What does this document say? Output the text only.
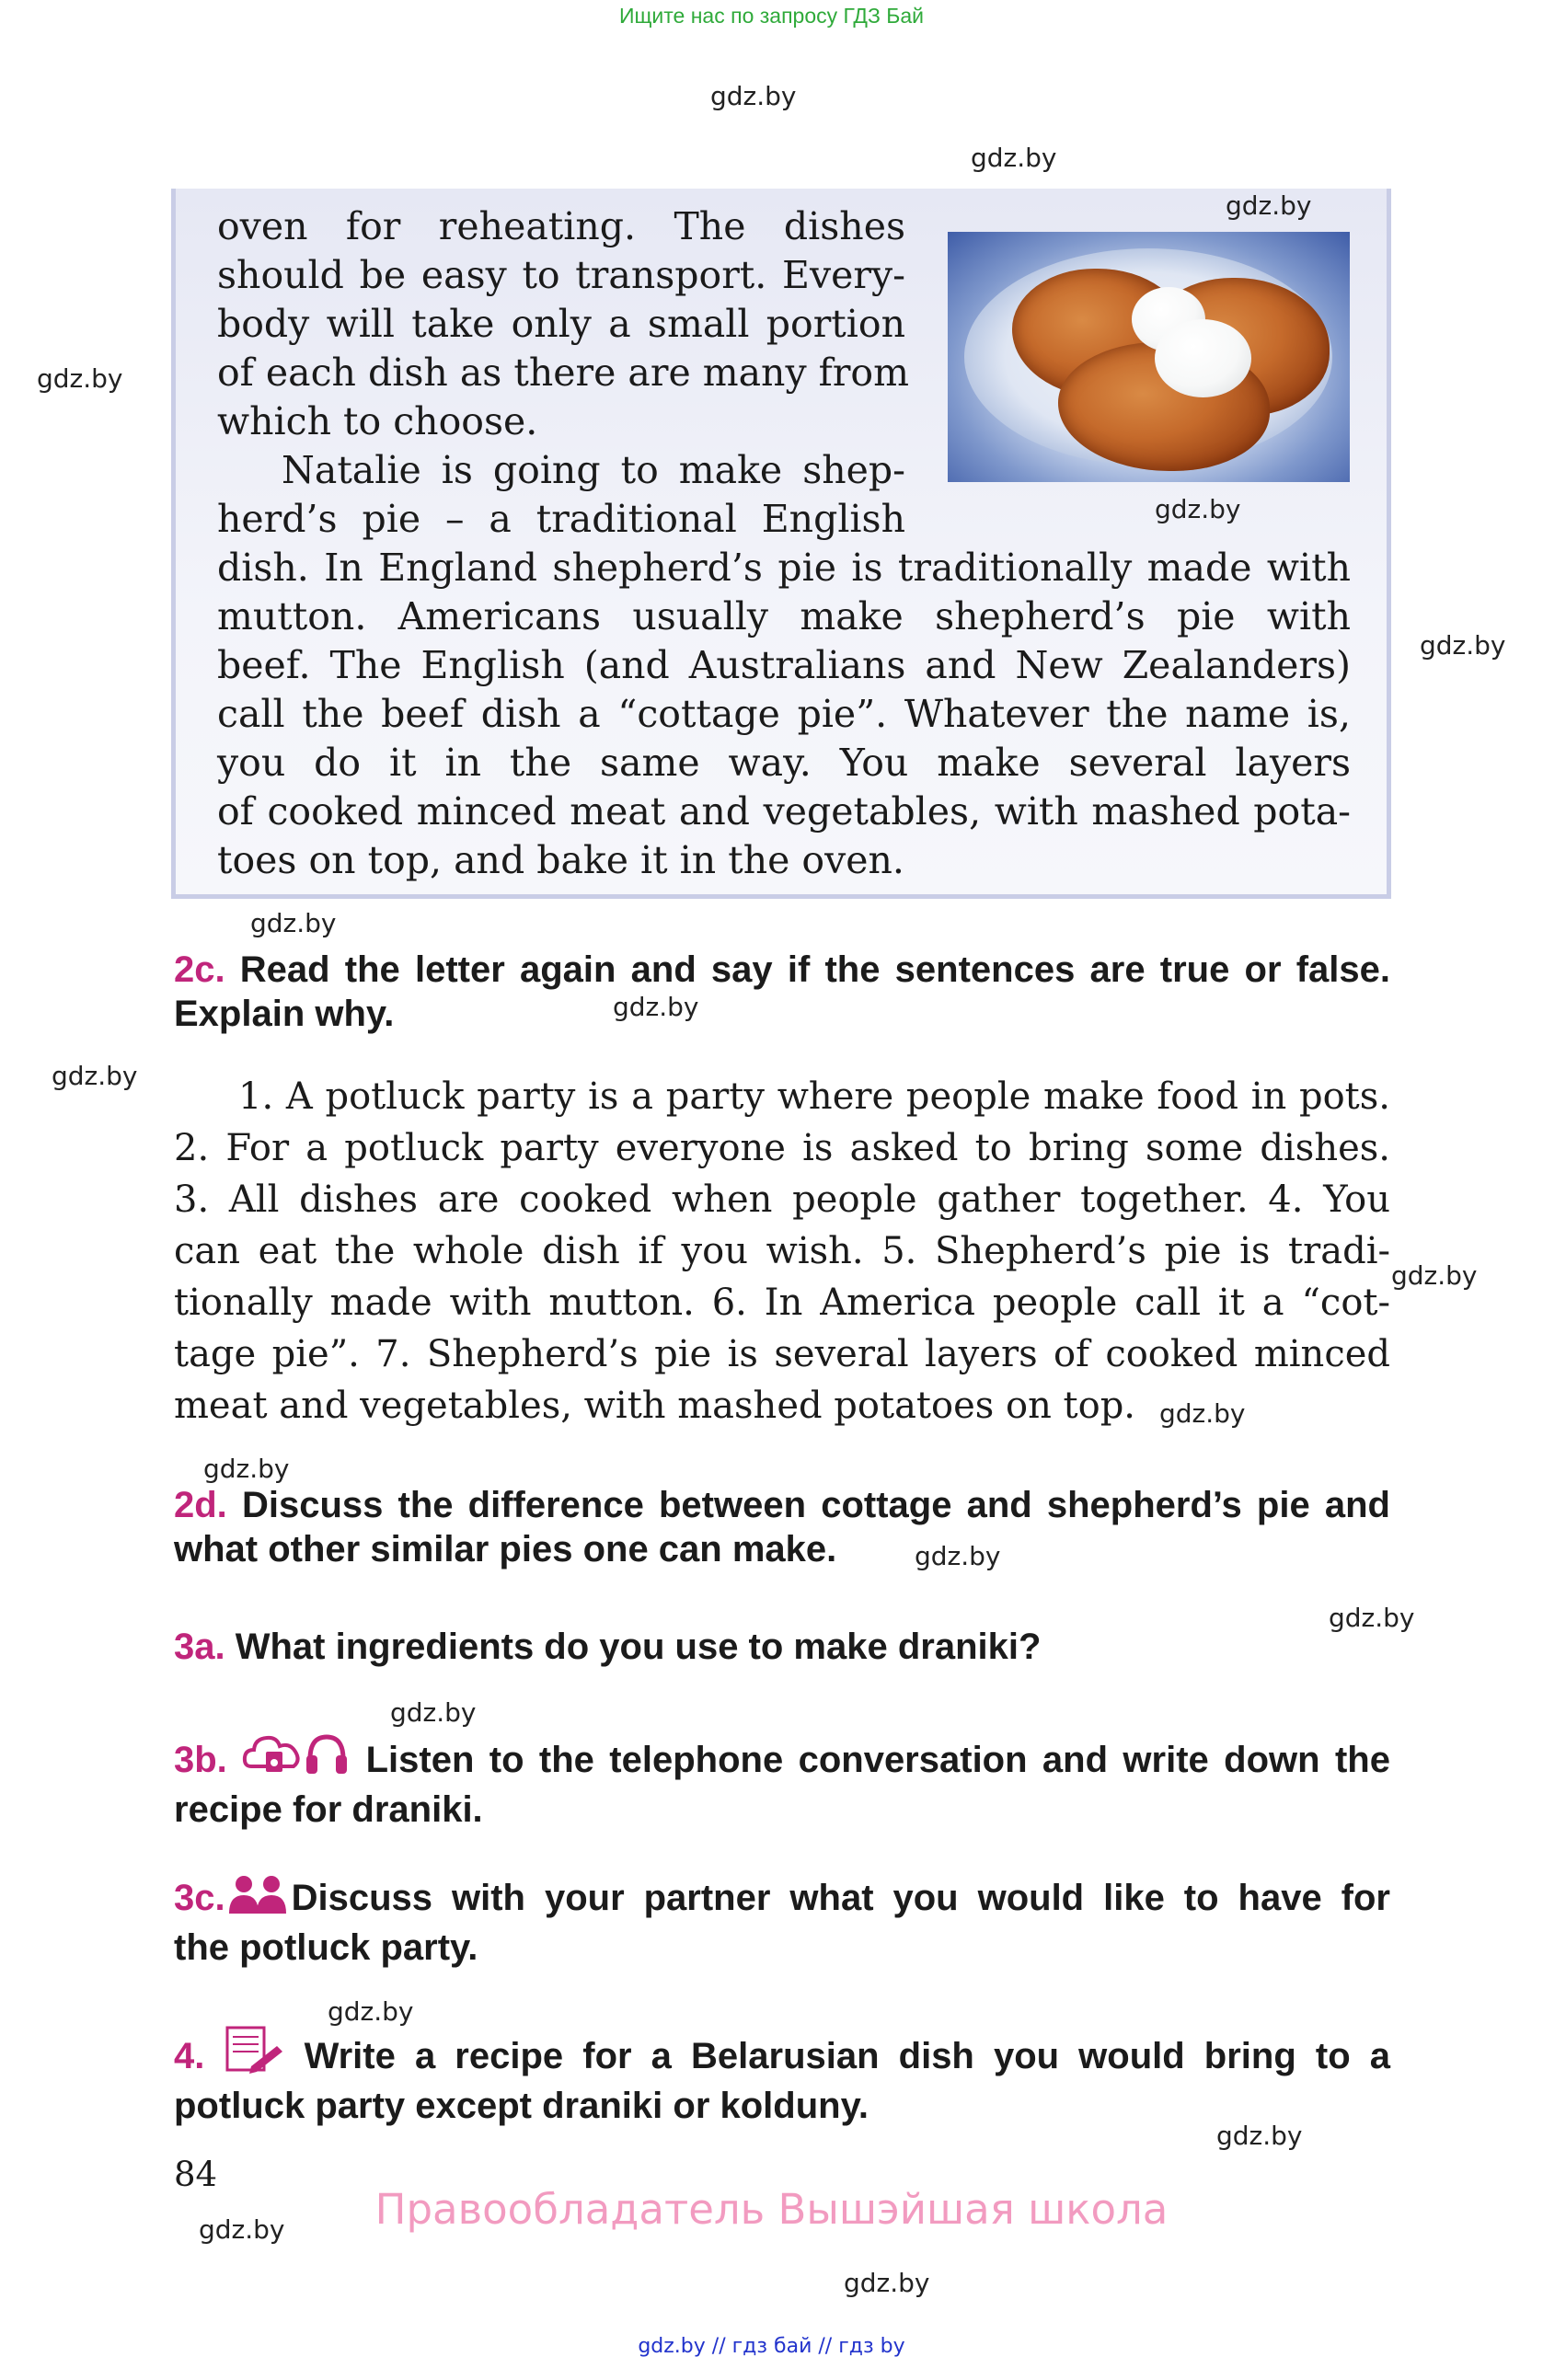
Ищите нас по запросу ГДЗ Бай
oven for reheating. The dishes
should be easy to transport. Every-
body will take only a small portion
of each dish as there are many from
which to choose.
Natalie is going to make shep-
herd’s pie – a traditional English
dish. In England shepherd’s pie is traditionally made with
mutton. Americans usually make shepherd’s pie with
beef. The English (and Australians and New Zealanders)
call the beef dish a “cottage pie”. Whatever the name is,
you do it in the same way. You make several layers
of cooked minced meat and vegetables, with mashed pota-
toes on top, and bake it in the oven.
2c. Read the letter again and say if the sentences are true or false.
Explain why.
1. A potluck party is a party where people make food in pots.
2. For a potluck party everyone is asked to bring some dishes.
3. All dishes are cooked when people gather together. 4. You
can eat the whole dish if you wish. 5. Shepherd’s pie is tradi-
tionally made with mutton. 6. In America people call it a “cot-
tage pie”. 7. Shepherd’s pie is several layers of cooked minced
meat and vegetables, with mashed potatoes on top.
2d. Discuss the difference between cottage and shepherd’s pie and
what other similar pies one can make.
3a. What ingredients do you use to make draniki?
3b.	Listen to the telephone conversation and write down the
recipe for draniki.
3c. Discuss with your partner what you would like to have for
the potluck party.
4.	Write a recipe for a Belarusian dish you would bring to a
potluck party except draniki or kolduny.
84
Правообладатель Вышэйшая школа
gdz.by // гдз бай // гдз by
gdz.by
gdz.by
gdz.by
gdz.by
gdz.by
gdz.by
gdz.by
gdz.by
gdz.by
gdz.by
gdz.by
gdz.by
gdz.by
gdz.by
gdz.by
gdz.by
gdz.by
gdz.by
gdz.by
